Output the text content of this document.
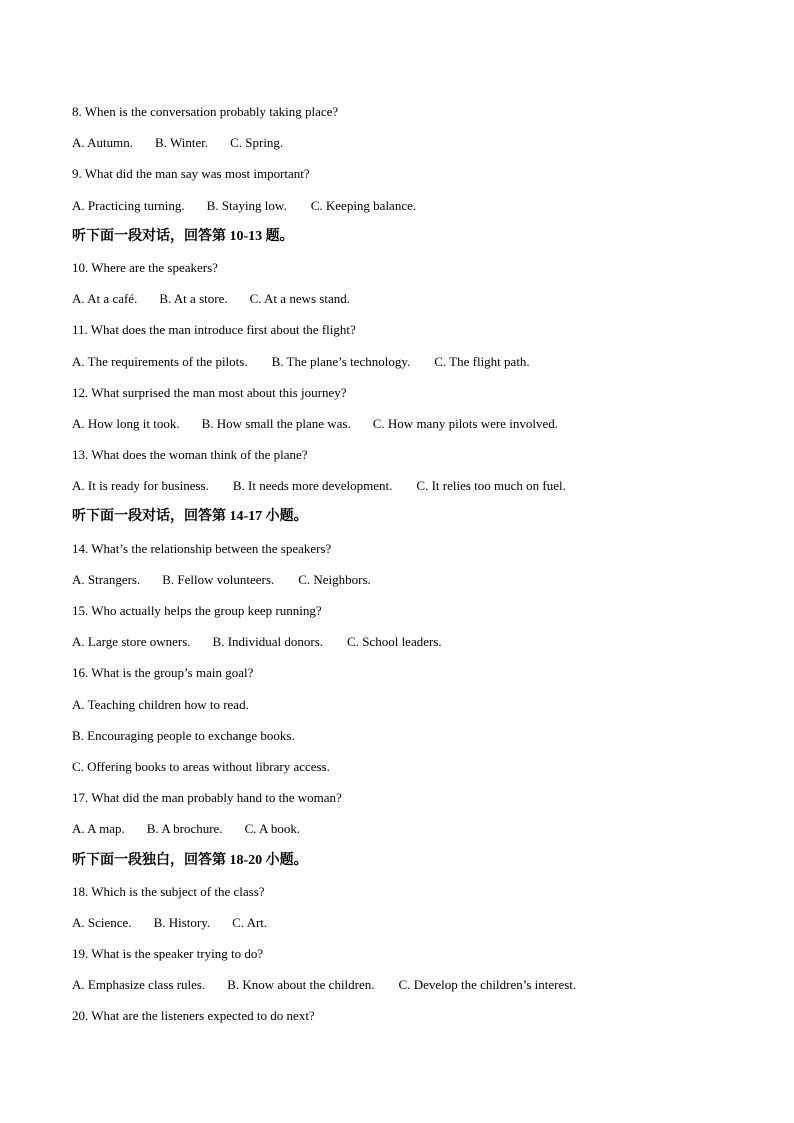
8. When is the conversation probably taking place?
A. Autumn. B. Winter. C. Spring.
9. What did the man say was most important?
A. Practicing turning. B. Staying low. C. Keeping balance.
听下面一段对话，回答第 10-13 题。
10. Where are the speakers?
A. At a café. B. At a store. C. At a news stand.
11. What does the man introduce first about the flight?
A. The requirements of the pilots. B. The plane’s technology. C. The flight path.
12. What surprised the man most about this journey?
A. How long it took. B. How small the plane was. C. How many pilots were involved.
13. What does the woman think of the plane?
A. It is ready for business. B. It needs more development. C. It relies too much on fuel.
听下面一段对话，回答第 14-17 小题。
14. What’s the relationship between the speakers?
A. Strangers. B. Fellow volunteers. C. Neighbors.
15. Who actually helps the group keep running?
A. Large store owners. B. Individual donors. C. School leaders.
16. What is the group’s main goal?
A. Teaching children how to read.
B. Encouraging people to exchange books.
C. Offering books to areas without library access.
17. What did the man probably hand to the woman?
A. A map. B. A brochure. C. A book.
听下面一段独白，回答第 18-20 小题。
18. Which is the subject of the class?
A. Science. B. History. C. Art.
19. What is the speaker trying to do?
A. Emphasize class rules. B. Know about the children. C. Develop the children’s interest.
20. What are the listeners expected to do next?
